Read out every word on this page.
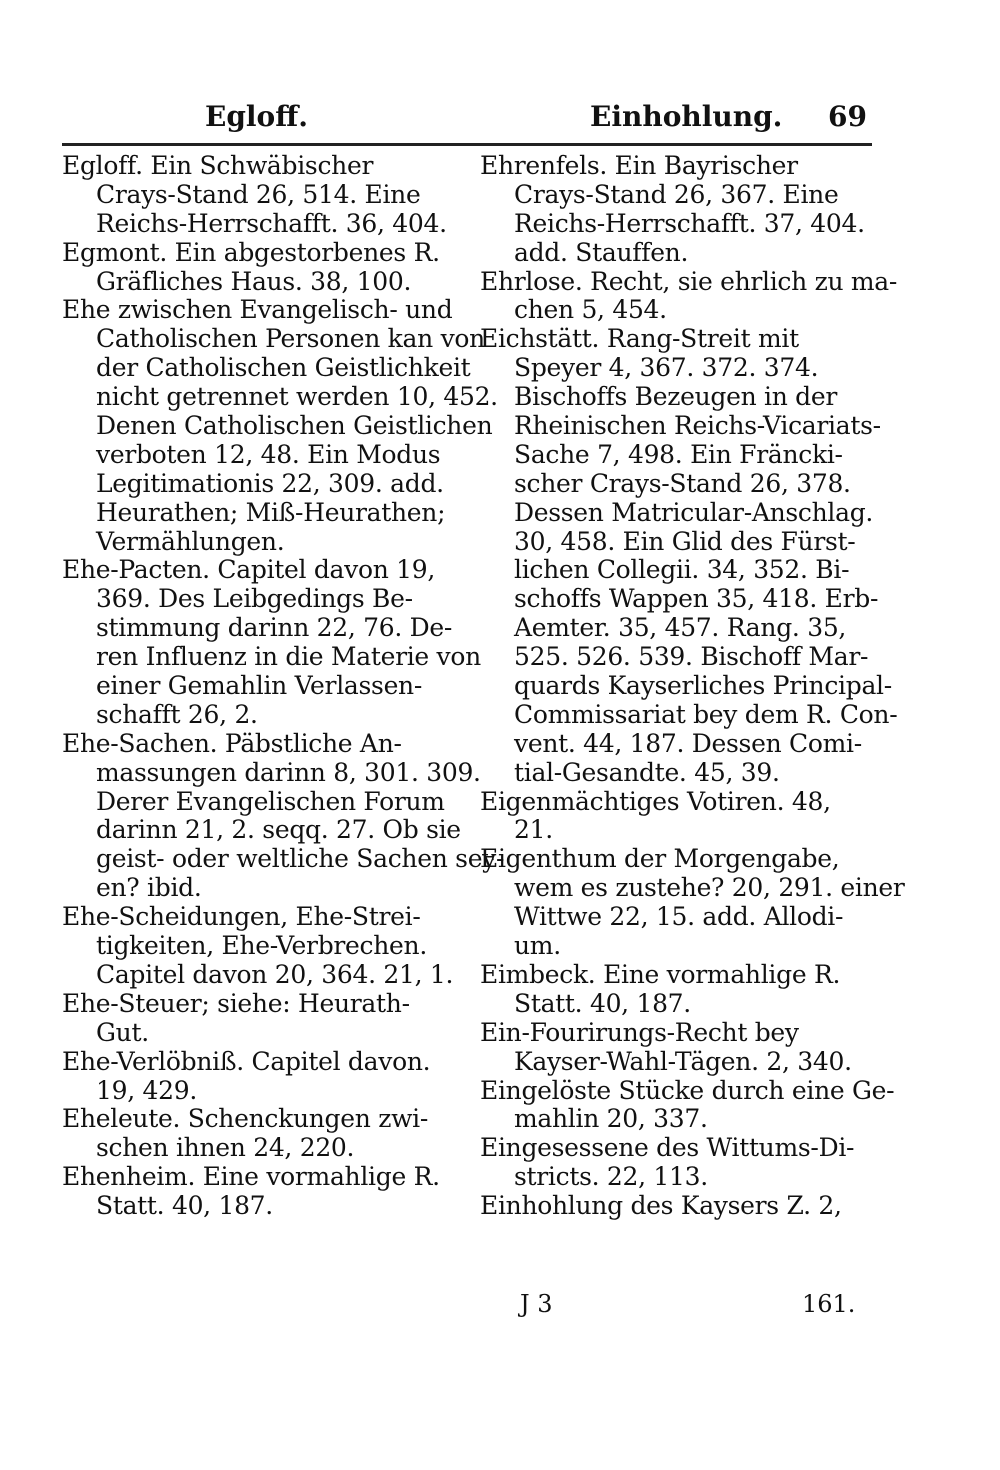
Egloff.	Einhohlung. 69
Egloff. Ein Schwäbischer
Crays-Stand 26, 514. Eine
Reichs-Herrschafft. 36, 404.
Egmont. Ein abgestorbenes R.
Gräfliches Haus. 38, 100.
Ehe zwischen Evangelisch- und
Catholischen Personen kan von
der Catholischen Geistlichkeit
nicht getrennet werden 10, 452.
Denen Catholischen Geistlichen
verboten 12, 48. Ein Modus
Legitimationis 22, 309. add.
Heurathen; Miß-Heurathen;
Vermählungen.
Ehe-Pacten. Capitel davon 19,
369. Des Leibgedings Be-
stimmung darinn 22, 76. De-
ren Influenz in die Materie von
einer Gemahlin Verlassen-
schafft 26, 2.
Ehe-Sachen. Päbstliche An-
massungen darinn 8, 301. 309.
Derer Evangelischen Forum
darinn 21, 2. seqq. 27. Ob sie
geist- oder weltliche Sachen sey-
en? ibid.
Ehe-Scheidungen, Ehe-Strei-
tigkeiten, Ehe-Verbrechen.
Capitel davon 20, 364. 21, 1.
Ehe-Steuer; siehe: Heurath-
Gut.
Ehe-Verlöbniß. Capitel davon.
19, 429.
Eheleute. Schenckungen zwi-
schen ihnen 24, 220.
Ehenheim. Eine vormahlige R.
Statt. 40, 187.
Ehrenfels. Ein Bayrischer
Crays-Stand 26, 367. Eine
Reichs-Herrschafft. 37, 404.
add. Stauffen.
Ehrlose. Recht, sie ehrlich zu ma-
chen 5, 454.
Eichstätt. Rang-Streit mit
Speyer 4, 367. 372. 374.
Bischoffs Bezeugen in der
Rheinischen Reichs-Vicariats-
Sache 7, 498. Ein Fräncki-
scher Crays-Stand 26, 378.
Dessen Matricular-Anschlag.
30, 458. Ein Glid des Fürst-
lichen Collegii. 34, 352. Bi-
schoffs Wappen 35, 418. Erb-
Aemter. 35, 457. Rang. 35,
525. 526. 539. Bischoff Mar-
quards Kayserliches Principal-
Commissariat bey dem R. Con-
vent. 44, 187. Dessen Comi-
tial-Gesandte. 45, 39.
Eigenmächtiges Votiren. 48,
21.
Eigenthum der Morgengabe,
wem es zustehe? 20, 291. einer
Wittwe 22, 15. add. Allodi-
um.
Eimbeck. Eine vormahlige R.
Statt. 40, 187.
Ein-Fourirungs-Recht bey
Kayser-Wahl-Tägen. 2, 340.
Eingelöste Stücke durch eine Ge-
mahlin 20, 337.
Eingesessene des Wittums-Di-
stricts. 22, 113.
Einhohlung des Kaysers Z. 2,
J 3	161.
